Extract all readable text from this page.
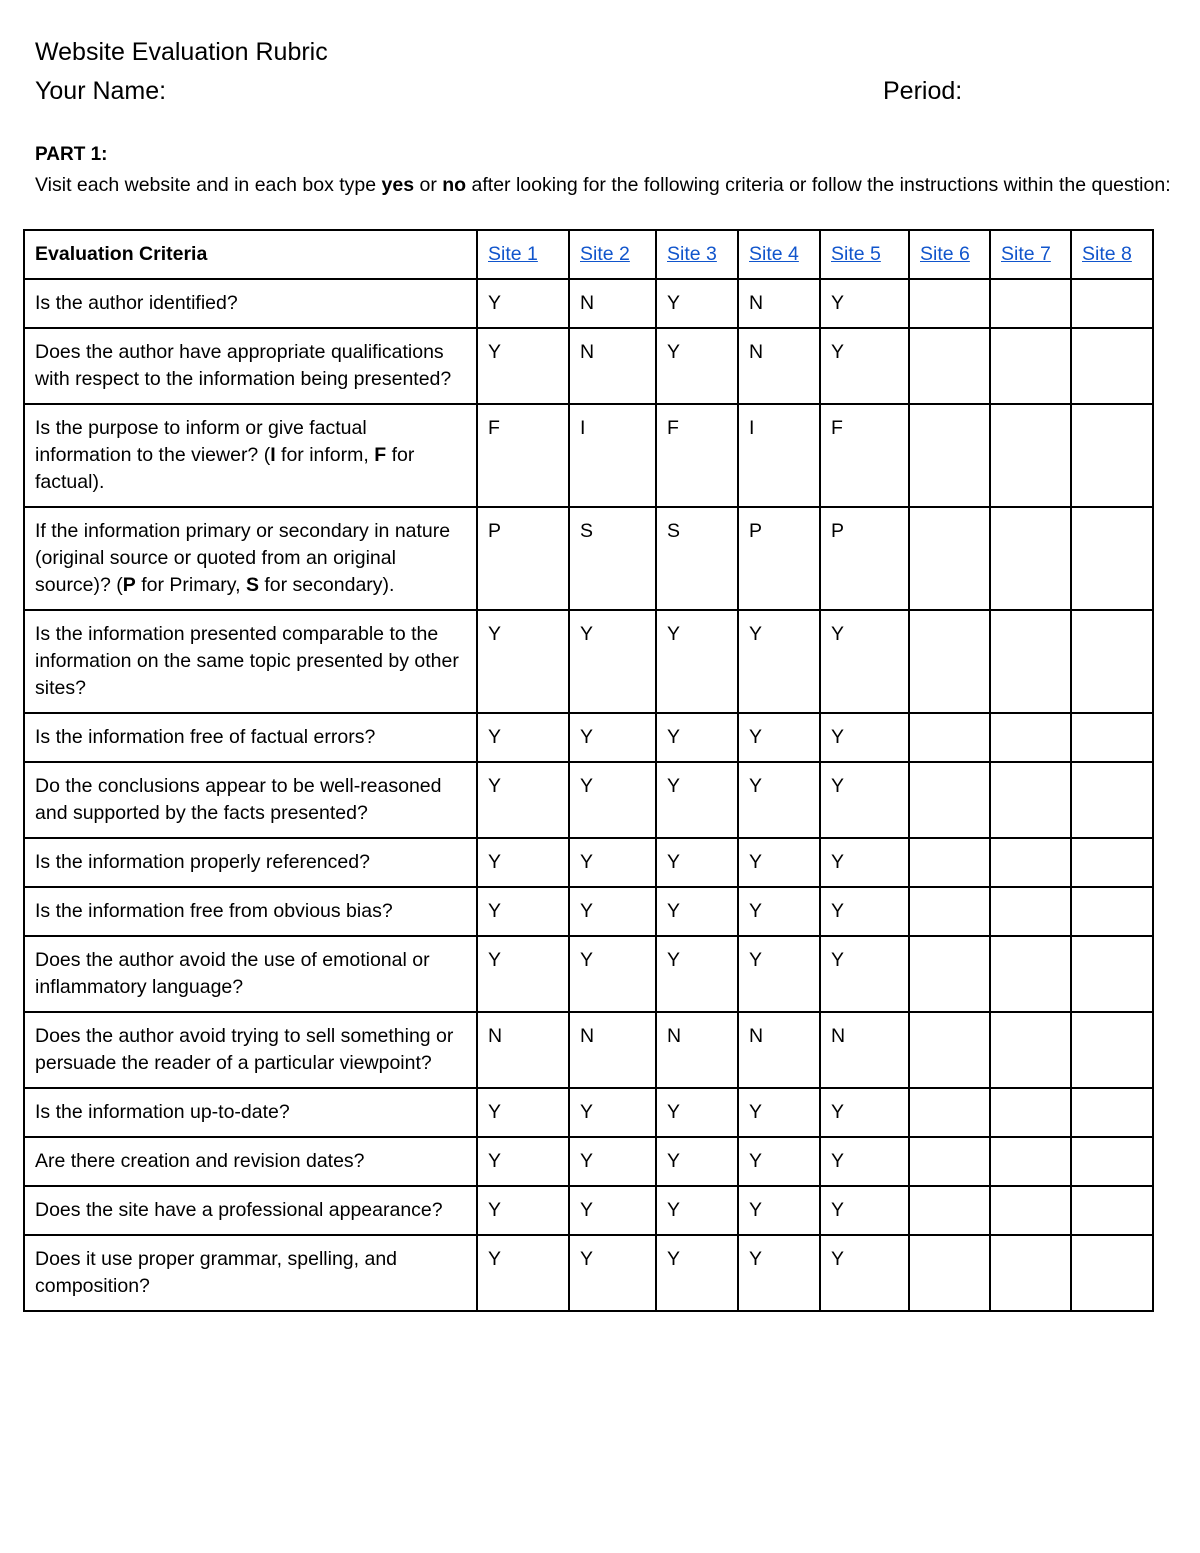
Website Evaluation Rubric
Your Name:	Period:
PART 1:
Visit each website and in each box type yes or no after looking for the following criteria or follow the instructions within the question:
Evaluation Criteria	Site 1	Site 2	Site 3	Site 4	Site 5	Site 6	Site 7	Site 8
Is the author identified?	Y	N	Y	N	Y			
Does the author have appropriate qualifications with respect to the information being presented?	Y	N	Y	N	Y			
Is the purpose to inform or give factual information to the viewer? (I for inform, F for factual).	F	I	F	I	F			
If the information primary or secondary in nature (original source or quoted from an original source)? (P for Primary, S for secondary).	P	S	S	P	P			
Is the information presented comparable to the information on the same topic presented by other sites?	Y	Y	Y	Y	Y			
Is the information free of factual errors?	Y	Y	Y	Y	Y			
Do the conclusions appear to be well-reasoned and supported by the facts presented?	Y	Y	Y	Y	Y			
Is the information properly referenced?	Y	Y	Y	Y	Y			
Is the information free from obvious bias?	Y	Y	Y	Y	Y			
Does the author avoid the use of emotional or inflammatory language?	Y	Y	Y	Y	Y			
Does the author avoid trying to sell something or persuade the reader of a particular viewpoint?	N	N	N	N	N			
Is the information up-to-date?	Y	Y	Y	Y	Y			
Are there creation and revision dates?	Y	Y	Y	Y	Y			
Does the site have a professional appearance?	Y	Y	Y	Y	Y			
Does it use proper grammar, spelling, and composition?	Y	Y	Y	Y	Y			
